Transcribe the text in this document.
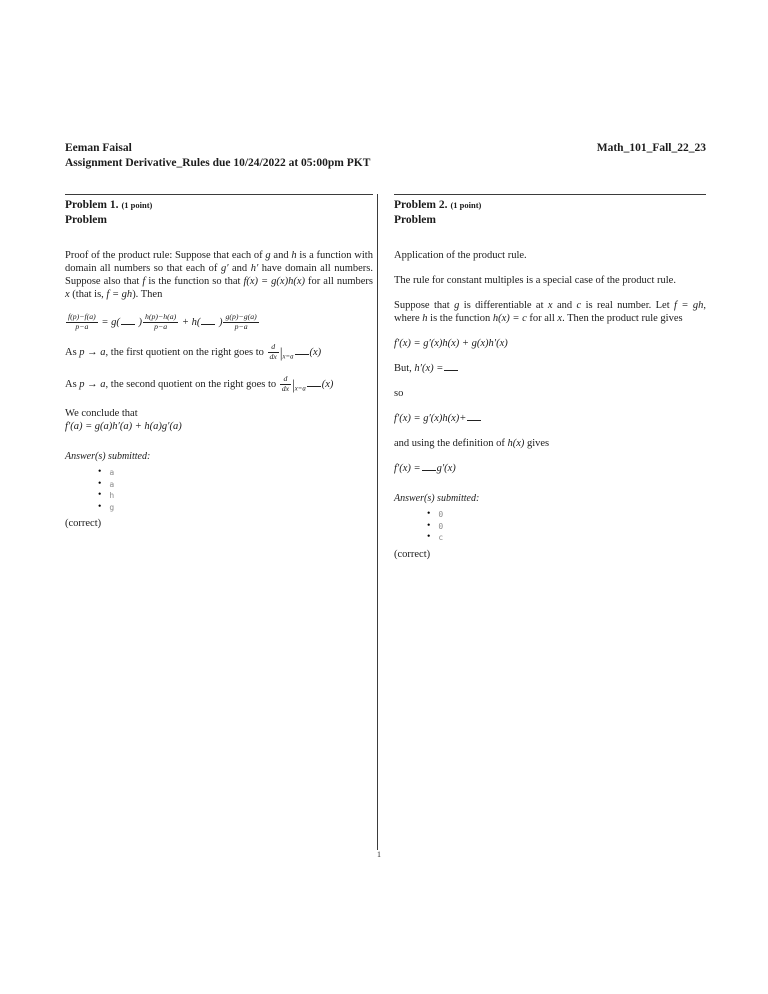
Eeman Faisal	Math_101_Fall_22_23
Assignment Derivative_Rules due 10/24/2022 at 05:00pm PKT
Problem 1. (1 point)
Problem
Proof of the product rule: Suppose that each of g and h is a function with domain all numbers so that each of g′ and h′ have domain all numbers. Suppose also that f is the function so that f(x) = g(x)h(x) for all numbers x (that is, f = gh). Then
$\frac{f(p)-f(a)}{p-a} = g$( ) $\frac{h(p)-h(a)}{p-a} + h$( ) $\frac{g(p)-g(a)}{p-a}$
As p → a, the first quotient on the right goes to $\frac{d}{dx} |_{x=a}$ (x)
As p → a, the second quotient on the right goes to $\frac{d}{dx} |_{x=a}$ (x)
We conclude that
f′(a) = g(a)h′(a) + h(a)g′(a)
Answer(s) submitted:
• a
• a
• h
• g
(correct)
Problem 2. (1 point)
Problem
Application of the product rule.
The rule for constant multiples is a special case of the product rule.
Suppose that g is differentiable at x and c is real number. Let f = gh, where h is the function h(x) = c for all x. Then the product rule gives
f′(x) = g′(x)h(x) + g(x)h′(x)
But, h′(x) =
so
f′(x) = g′(x)h(x)+
and using the definition of h(x) gives
f′(x) = g′(x)
Answer(s) submitted:
• 0
• 0
• c
(correct)
1
